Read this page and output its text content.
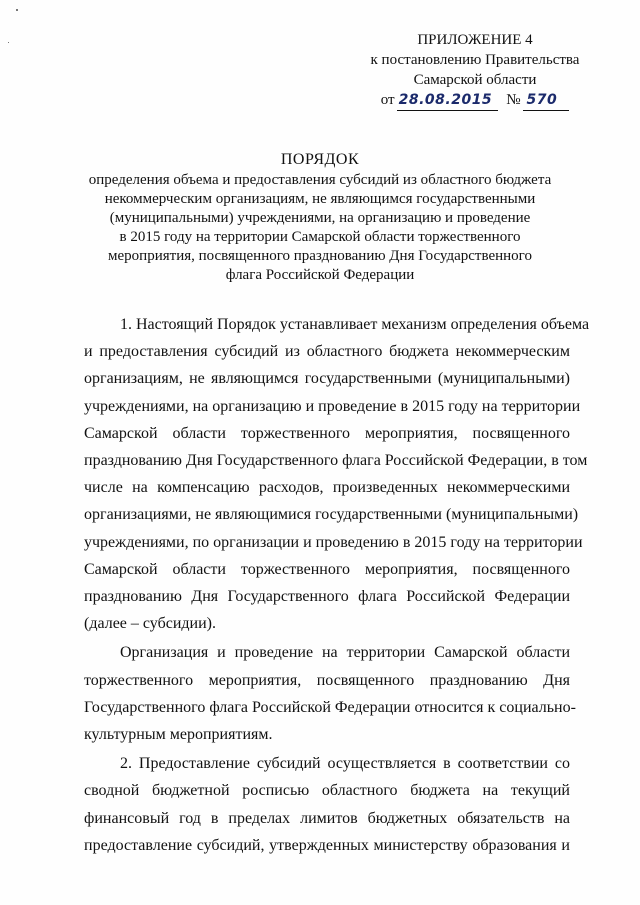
ПРИЛОЖЕНИЕ 4
к постановлению Правительства
Самарской области
от 28.08.2015 № 570
ПОРЯДОК
определения объема и предоставления субсидий из областного бюджета
некоммерческим организациям, не являющимся государственными
(муниципальными) учреждениями, на организацию и проведение
в 2015 году на территории Самарской области торжественного
мероприятия, посвященного празднованию Дня Государственного
флага Российской Федерации
1. Настоящий Порядок устанавливает механизм определения объема
и предоставления субсидий из областного бюджета некоммерческим
организациям, не являющимся государственными (муниципальными)
учреждениями, на организацию и проведение в 2015 году на территории
Самарской области торжественного мероприятия, посвященного
празднованию Дня Государственного флага Российской Федерации, в том
числе на компенсацию расходов, произведенных некоммерческими
организациями, не являющимися государственными (муниципальными)
учреждениями, по организации и проведению в 2015 году на территории
Самарской области торжественного мероприятия, посвященного
празднованию Дня Государственного флага Российской Федерации
(далее – субсидии).
Организация и проведение на территории Самарской области
торжественного мероприятия, посвященного празднованию Дня
Государственного флага Российской Федерации относится к социально-
культурным мероприятиям.
2. Предоставление субсидий осуществляется в соответствии со
сводной бюджетной росписью областного бюджета на текущий
финансовый год в пределах лимитов бюджетных обязательств на
предоставление субсидий, утвержденных министерству образования и
